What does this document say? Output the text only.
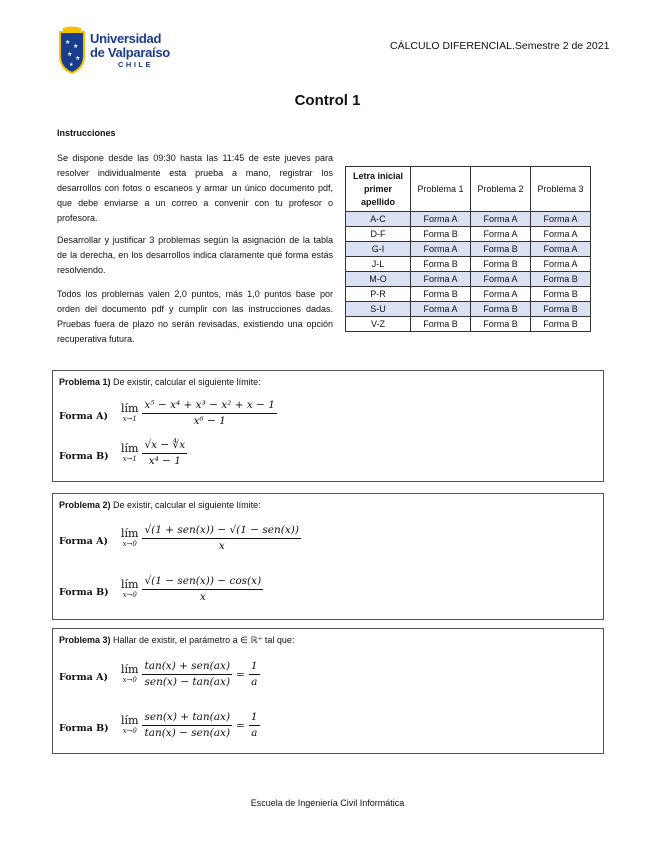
★
★
★
★
★
Universidad
de Valparaíso
CHILE
CÁLCULO DIFERENCIAL.Semestre 2 de 2021
Control 1
Instrucciones
Se dispone desde las 09:30 hasta las 11:45 de este jueves para resolver individualmente esta prueba a mano, registrar los desarrollos con fotos o escaneos y armar un único documento pdf, que debe enviarse a un correo a convenir con tu profesor o profesora.
Desarrollar y justificar 3 problemas según la asignación de la tabla de la derecha, en los desarrollos indica claramente qué forma estás resolviendo.
Todos los problemas valen 2,0 puntos, más 1,0 puntos base por orden del documento pdf y cumplir con las instrucciones dadas. Pruebas fuera de plazo no serán revisadas, existiendo una opción recuperativa futura.
Letra inicial primer apellido	Problema 1	Problema 2	Problema 3
A-C	Forma A	Forma A	Forma A
D-F	Forma B	Forma A	Forma A
G-I	Forma A	Forma B	Forma A
J-L	Forma B	Forma B	Forma A
M-O	Forma A	Forma A	Forma B
P-R	Forma B	Forma A	Forma B
S-U	Forma A	Forma B	Forma B
V-Z	Forma B	Forma B	Forma B
Problema 1) De existir, calcular el siguiente límite:
Forma A)
lím
$x\to 1 \frac{\text{x⁵ − x⁴ + x³ − x² + x − 1}}{\text{x⁶ − 1}}$
Forma B)
lím
$x\to 1 \frac{√x - ∜x}{\text{x⁴ − 1}}$
Problema 2) De existir, calcular el siguiente límite:
Forma A)
lím
$x\to 0 \frac{\text{√(1 + sen(x)) − √(1 − sen(x))}}{x}$
Forma B)
lím
$x\to 0 \frac{\text{√(1 − sen(x)) − cos(x)}}{x}$
Problema 3) Hallar de existir, el parámetro a ∈ ℝ⁺ tal que:
Forma A)
lím
$x\to 0 \frac{\text{tan(x) + sen(ax)}}{\text{sen(x) − tan(ax)}} = \frac{1}{a}$
Forma B)
lím
$x\to 0 \frac{\text{sen(x) + tan(ax)}}{\text{tan(x) − sen(ax)}} = \frac{1}{a}$
Escuela de Ingeniería Civil Informática
